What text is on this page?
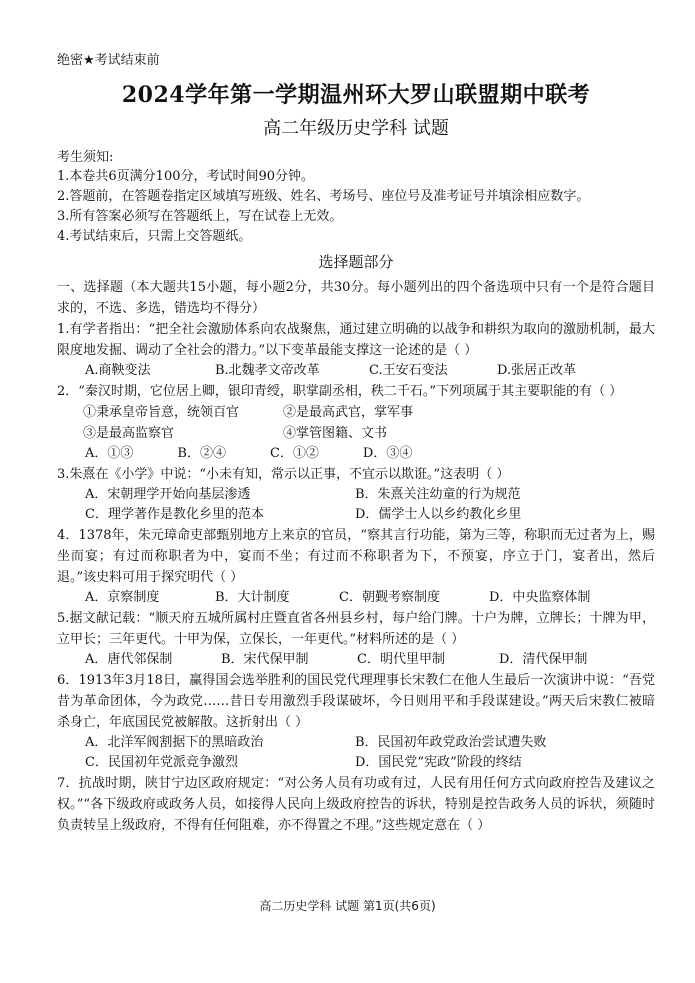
绝密★考试结束前
2024学年第一学期温州环大罗山联盟期中联考
高二年级历史学科 试题
考生须知:
1.本卷共6页满分100分，考试时间90分钟。
2.答题前，在答题卷指定区域填写班级、姓名、考场号、座位号及准考证号并填涂相应数字。
3.所有答案必须写在答题纸上，写在试卷上无效。
4.考试结束后，只需上交答题纸。
选择题部分
一、选择题（本大题共15小题，每小题2分，共30分。每小题列出的四个备选项中只有一个是符合题目求的，不选、多选，错选均不得分）
1.有学者指出：“把全社会激励体系向农战聚焦，通过建立明确的以战争和耕织为取向的激励机制，最大限度地发掘、调动了全社会的潜力。”以下变革最能支撑这一论述的是（ ）
A.商鞅变法	B.北魏孝文帝改革	C.王安石变法	D.张居正改革
2．“秦汉时期，它位居上卿，银印青绶，职掌副丞相，秩二千石。”下列项属于其主要职能的有（ ）
①秉承皇帝旨意，统领百官	②是最高武官，掌军事
③是最高监察官	④掌管图籍、文书
A．①③	B．②④	C．①②	D．③④
3.朱熹在《小学》中说：“小未有知，常示以正事，不宜示以欺诳。”这表明（ ）
A．宋朝理学开始向基层渗透	B．朱熹关注幼童的行为规范
C．理学著作是教化乡里的范本	D．儒学士人以乡约教化乡里
4．1378年，朱元璋命吏部甄别地方上来京的官员，“察其言行功能，第为三等，称职而无过者为上，赐坐而宴；有过而称职者为中，宴而不坐；有过而不称职者为下，不预宴，序立于门，宴者出，然后退。”该史料可用于探究明代（ ）
A．京察制度	B．大计制度	C．朝觐考察制度	D．中央监察体制
5.据文献记载：“顺天府五城所属村庄暨直省各州县乡村，每户给门牌。十户为牌，立牌长；十牌为甲，立甲长；三年更代。十甲为保，立保长，一年更代。”材料所述的是（ ）
A．唐代邻保制	B．宋代保甲制	C．明代里甲制	D．清代保甲制
6．1913年3月18日，赢得国会选举胜利的国民党代理理事长宋教仁在他人生最后一次演讲中说：“吾党昔为革命团体，今为政党……昔日专用激烈手段谋破坏，今日则用平和手段谋建设。”两天后宋教仁被暗杀身亡，年底国民党被解散。这折射出（ ）
A．北洋军阀割据下的黑暗政治	B．民国初年政党政治尝试遭失败
C．民国初年党派竞争激烈	D．国民党“宪政”阶段的终结
7．抗战时期，陕甘宁边区政府规定：“对公务人员有功或有过，人民有用任何方式向政府控告及建议之权。”“各下级政府或政务人员，如接得人民向上级政府控告的诉状，特别是控告政务人员的诉状，须随时负责转呈上级政府，不得有任何阻难，亦不得置之不理。”这些规定意在（ ）
高二历史学科 试题 第1页(共6页)
